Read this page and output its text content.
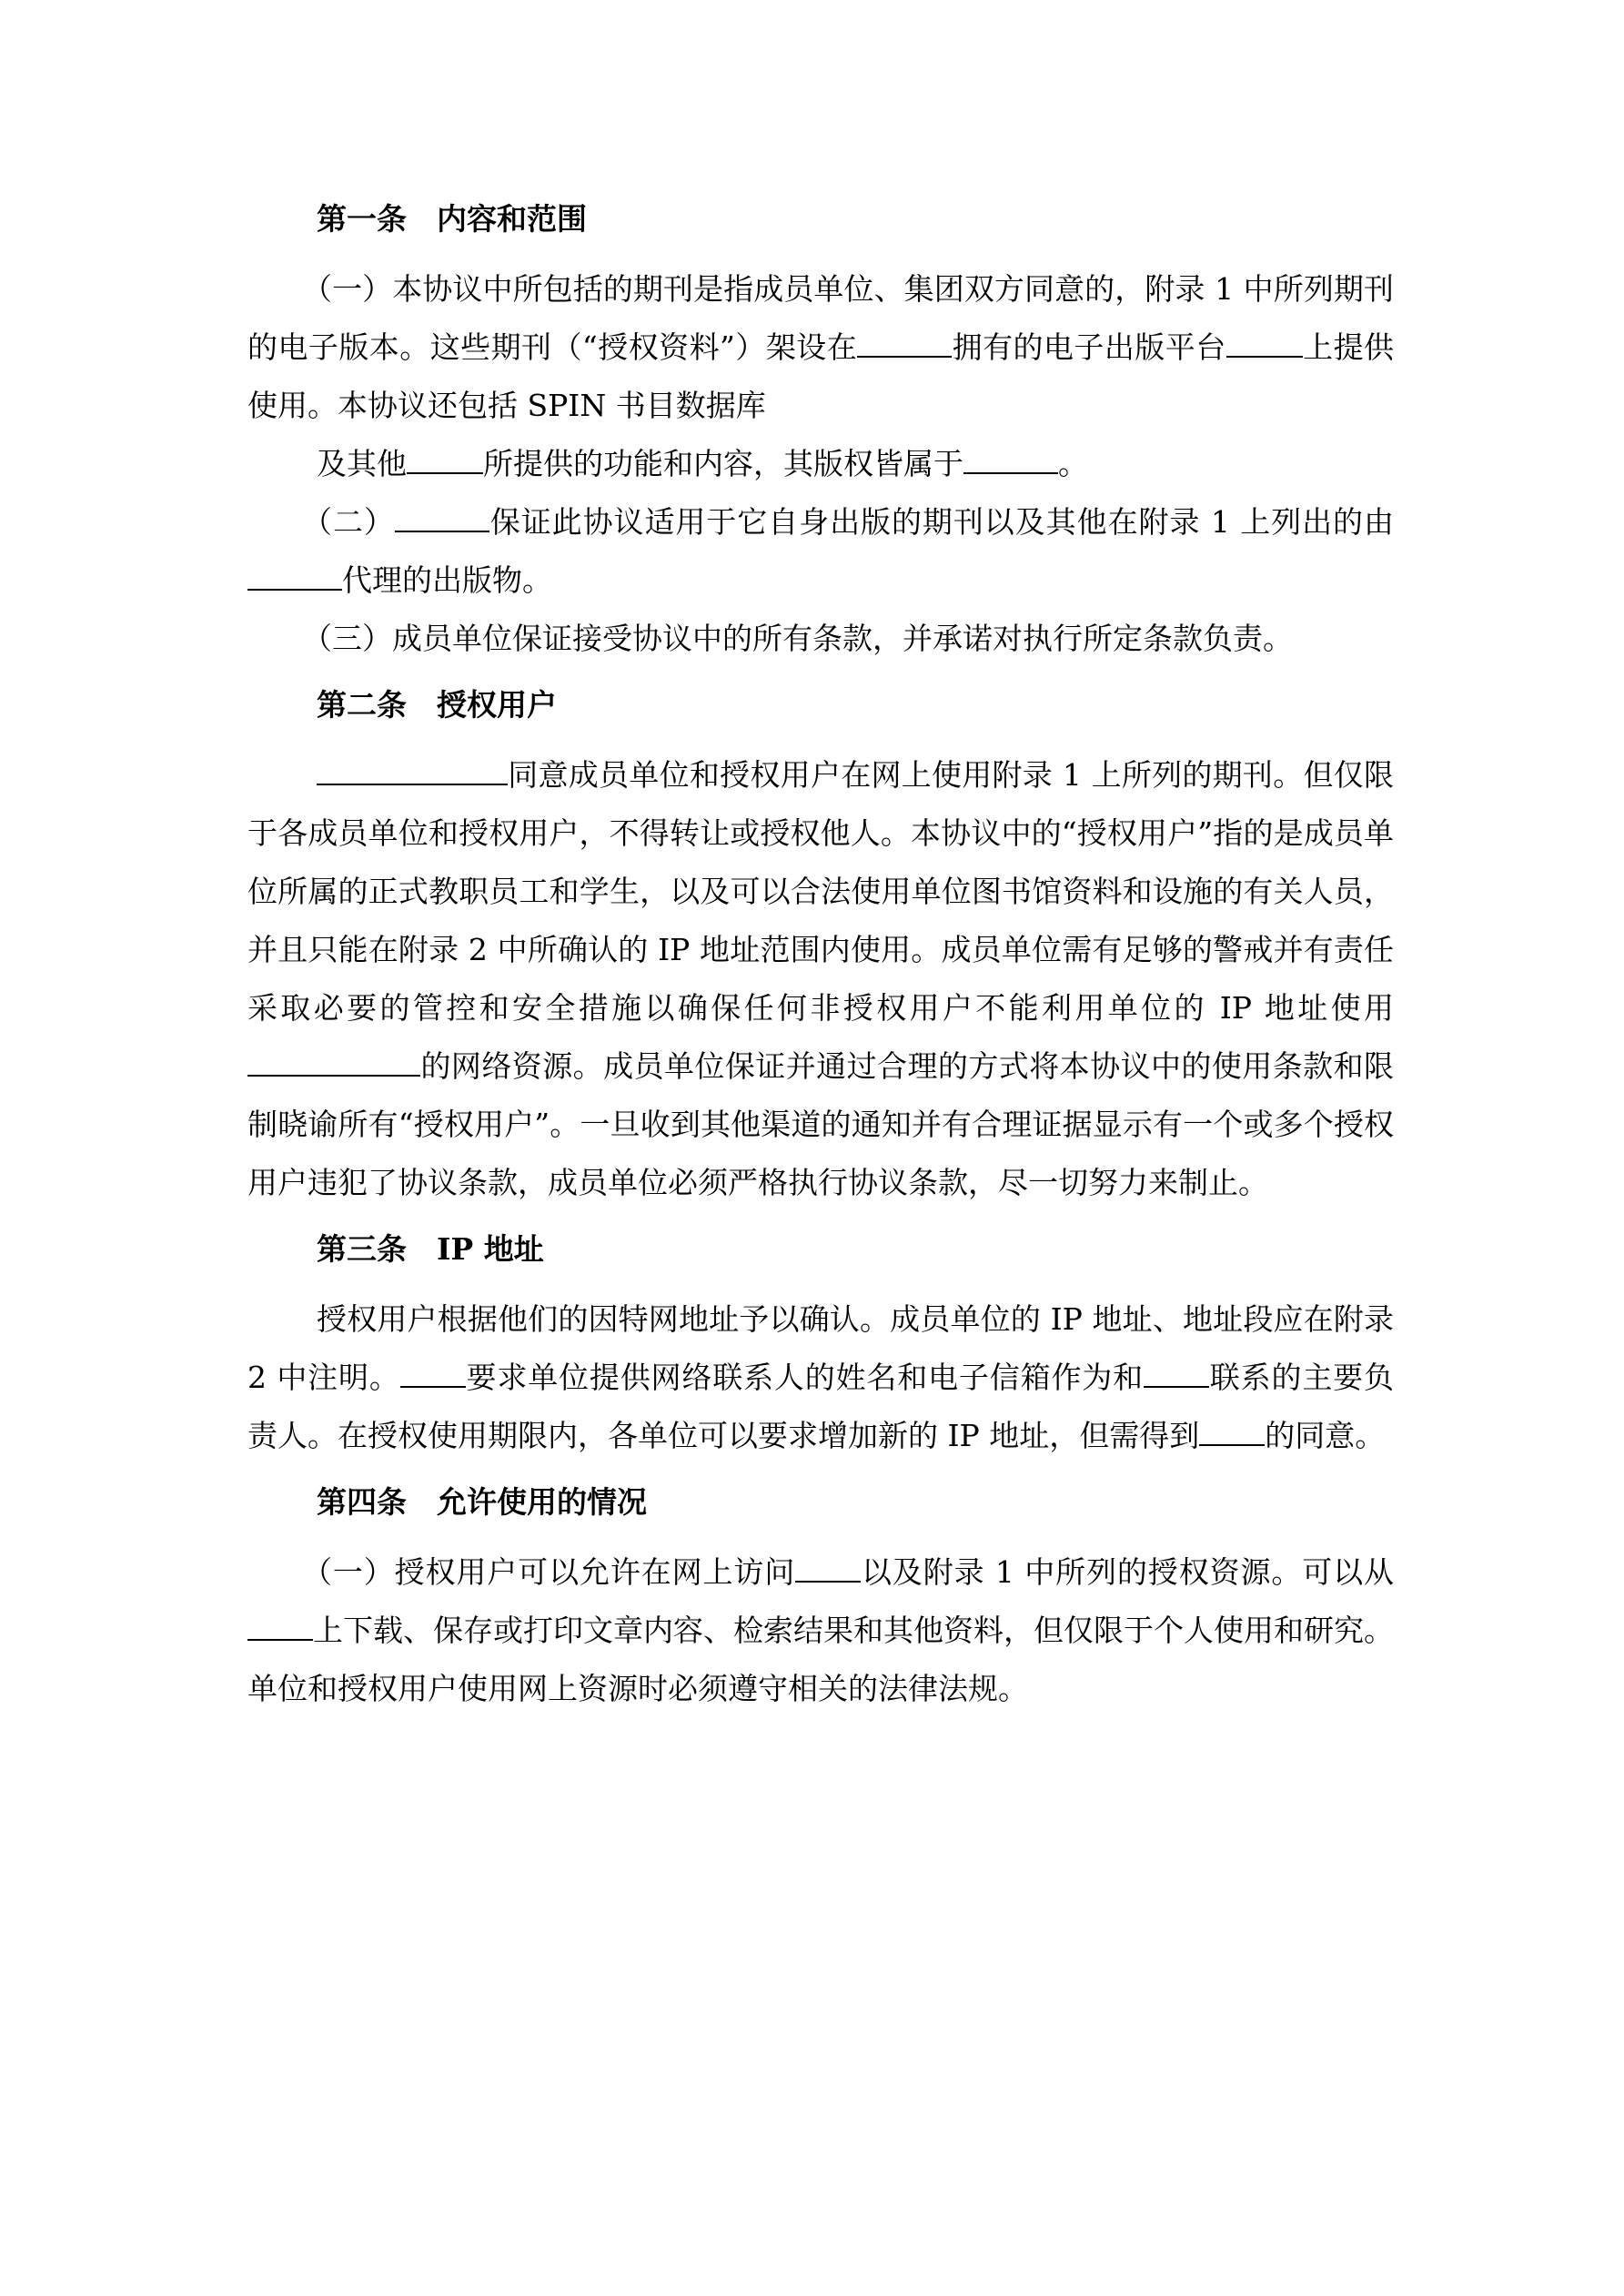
第一条　内容和范围

（一）本协议中所包括的期刊是指成员单位、集团双方同意的，附录 1 中所列期刊的电子版本。这些期刊（“授权资料”）架设在	拥有的电子出版平台	上提供使用。本协议还包括 SPIN 书目数据库

及其他	所提供的功能和内容，其版权皆属于	。

（二）	保证此协议适用于它自身出版的期刊以及其他在附录 1 上列出的由代理的出版物。

（三）成员单位保证接受协议中的所有条款，并承诺对执行所定条款负责。

第二条　授权用户

同意成员单位和授权用户在网上使用附录 1 上所列的期刊。但仅限于各成员单位和授权用户，不得转让或授权他人。本协议中的“授权用户”指的是成员单位所属的正式教职员工和学生，以及可以合法使用单位图书馆资料和设施的有关人员，并且只能在附录 2 中所确认的 IP 地址范围内使用。成员单位需有足够的警戒并有责任采取必要的管控和安全措施以确保任何非授权用户不能利用单位的 IP 地址使用的网络资源。成员单位保证并通过合理的方式将本协议中的使用条款和限制晓谕所有“授权用户”。一旦收到其他渠道的通知并有合理证据显示有一个或多个授权用户违犯了协议条款，成员单位必须严格执行协议条款，尽一切努力来制止。

第三条　IP 地址

授权用户根据他们的因特网地址予以确认。成员单位的 IP 地址、地址段应在附录 2 中注明。 要求单位提供网络联系人的姓名和电子信箱作为和 联系的主要负责人。在授权使用期限内，各单位可以要求增加新的 IP 地址，但需得到 的同意。

第四条　允许使用的情况

（一）授权用户可以允许在网上访问 以及附录 1 中所列的授权资源。可以从上下载、保存或打印文章内容、检索结果和其他资料，但仅限于个人使用和研究。单位和授权用户使用网上资源时必须遵守相关的法律法规。
